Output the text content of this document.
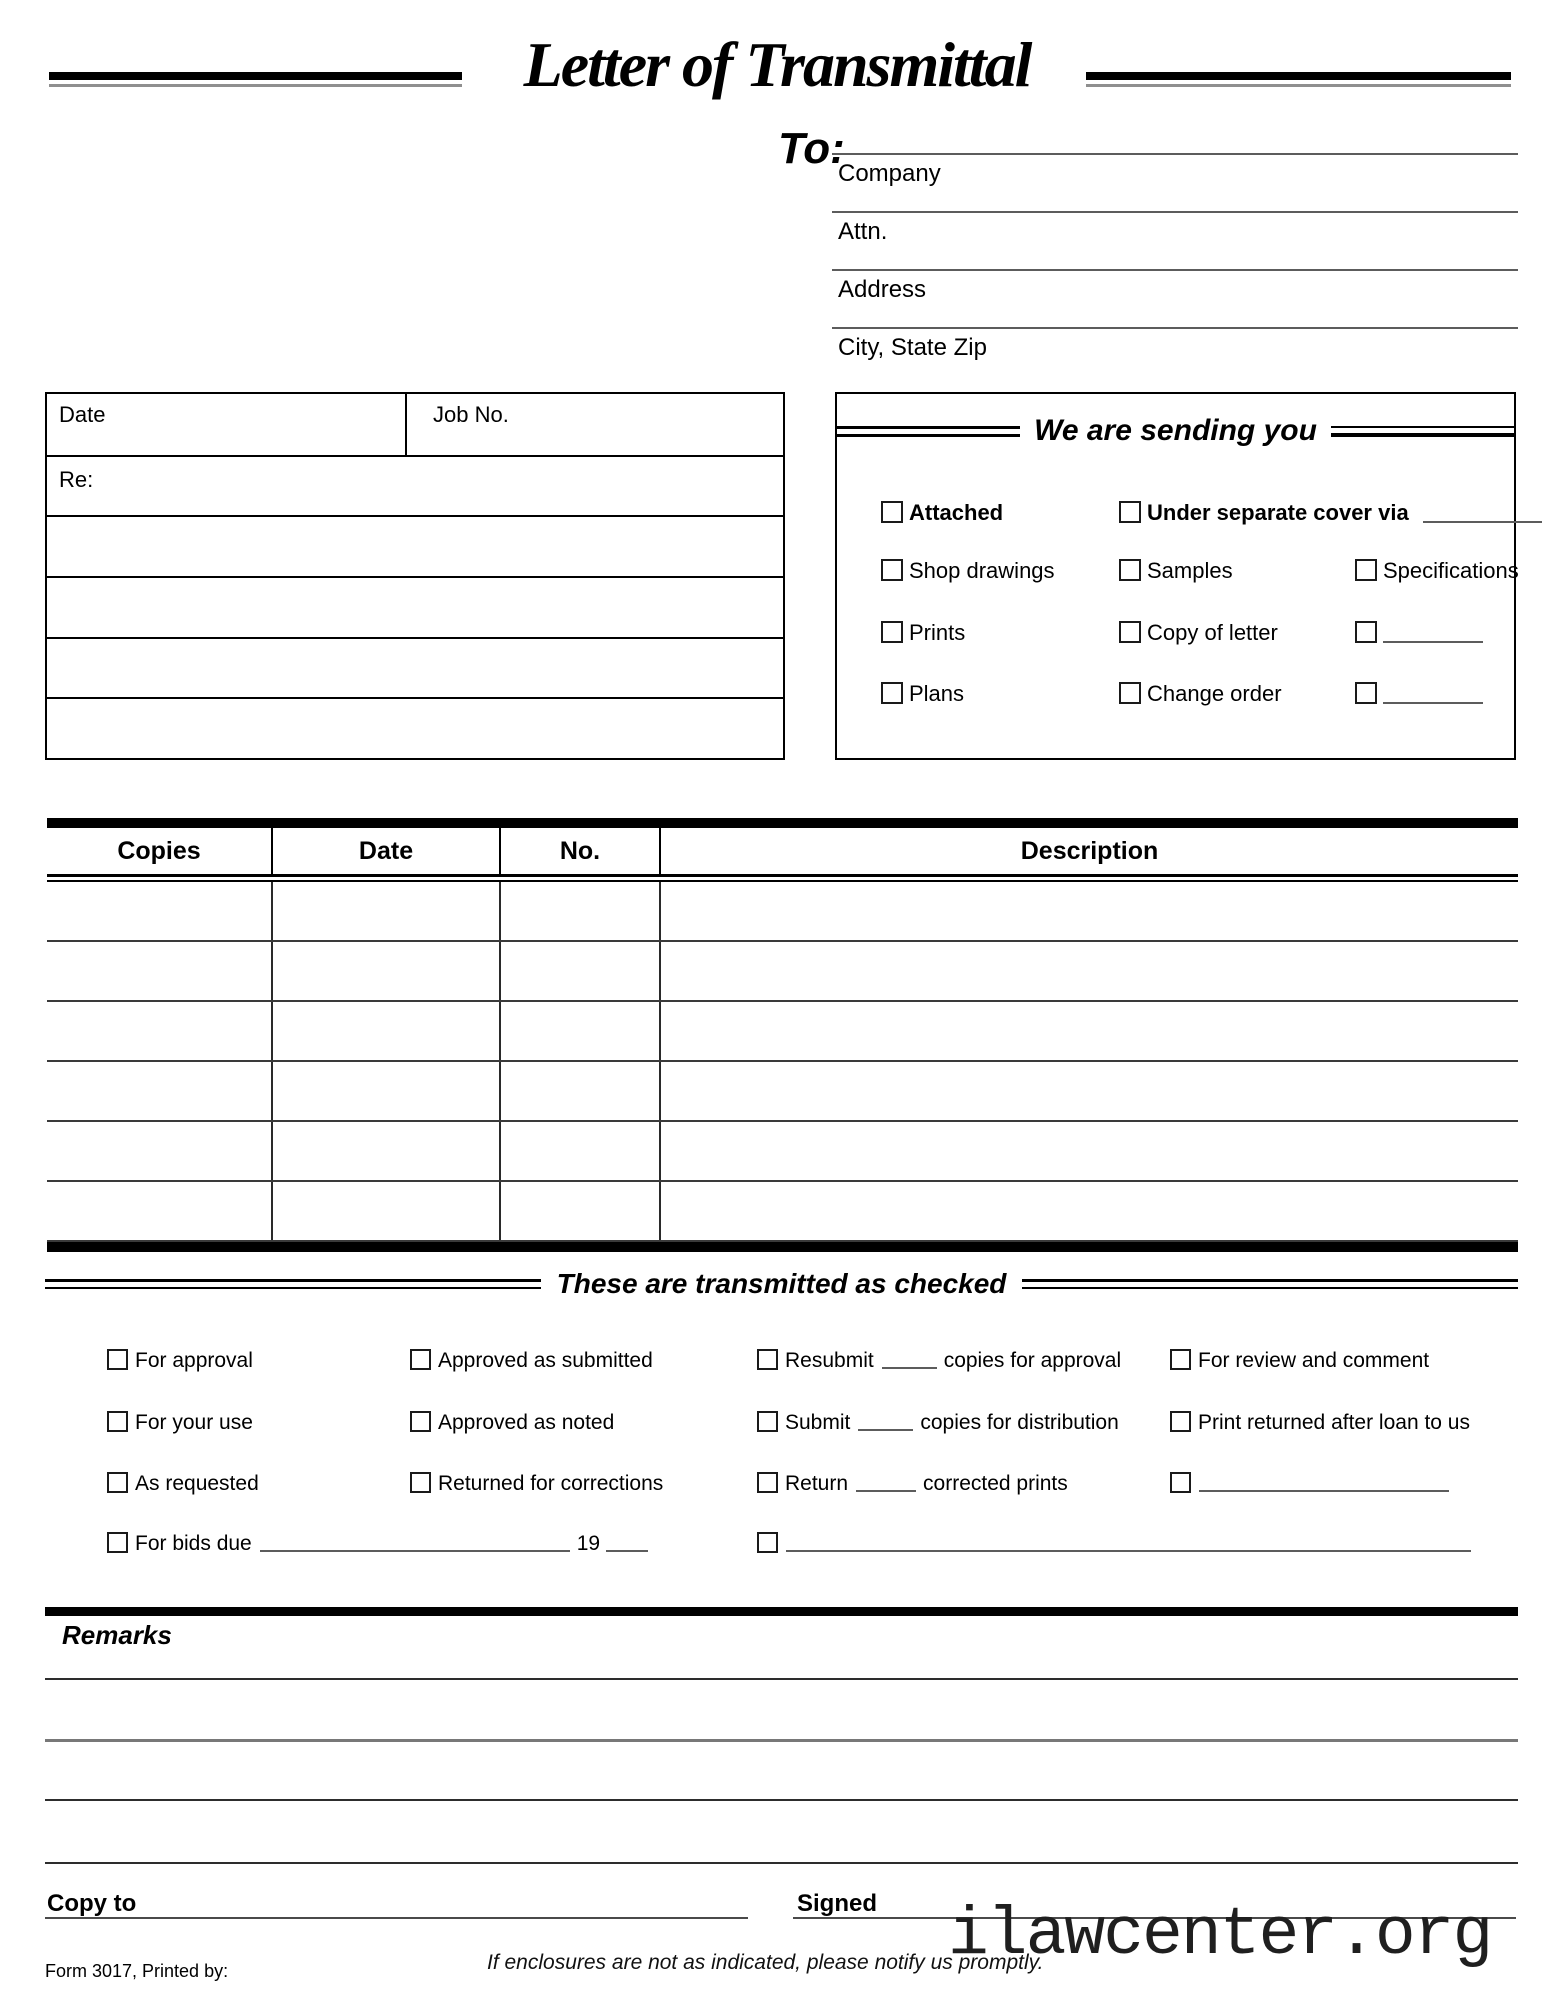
Letter of Transmittal
To:
Company
Attn.
Address
City, State Zip
Date	Job No.
Re:
We are sending you
Attached	Under separate cover via
Shop drawings	Samples	Specifications
Prints	Copy of letter
Plans	Change order
Copies	Date	No.	Description
These are transmitted as checked
For approval	Approved as submitted	Resubmit	copies for approval	For review and comment
For your use	Approved as noted	Submit	copies for distribution	Print returned after loan to us
As requested	Returned for corrections	Return	corrected prints
For bids due	19
Remarks
Copy to	Signed ilawcenter.org
Form 3017, Printed by:	If enclosures are not as indicated, please notify us promptly.
